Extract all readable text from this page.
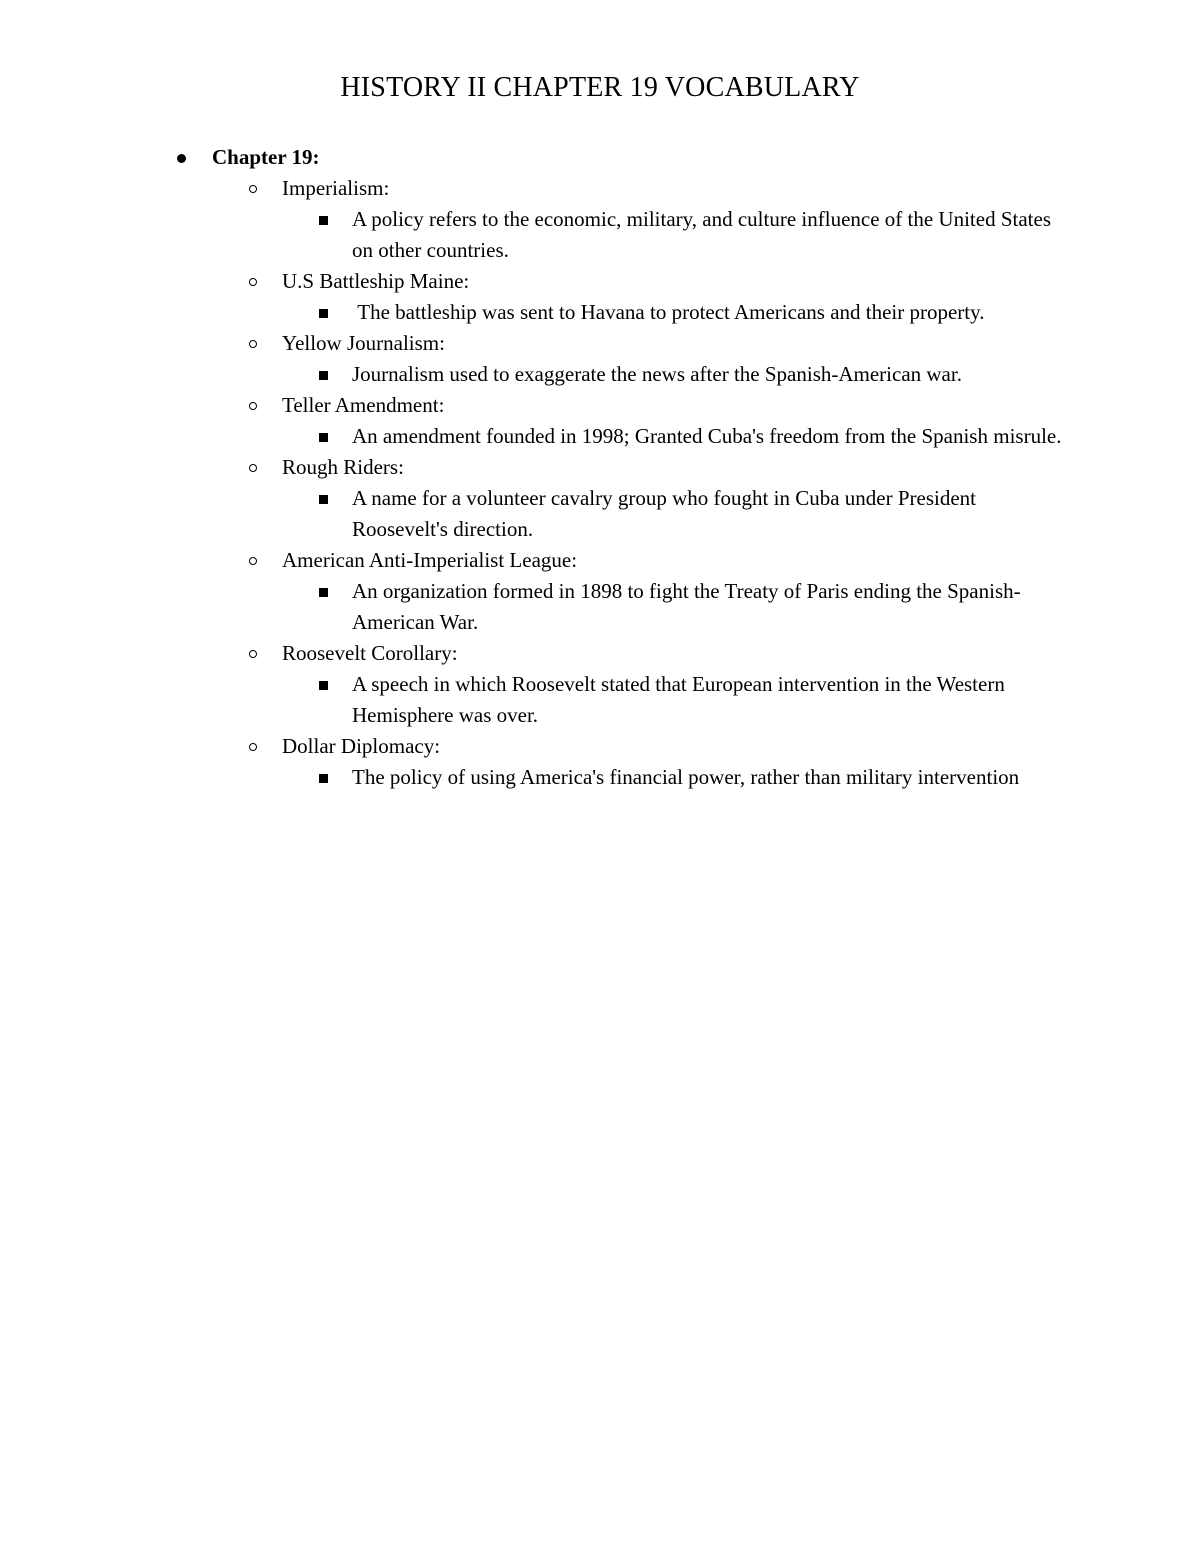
HISTORY II CHAPTER 19 VOCABULARY
Chapter 19:
Imperialism:
A policy refers to the economic, military, and culture influence of the United States on other countries.
U.S Battleship Maine:
The battleship was sent to Havana to protect Americans and their property.
Yellow Journalism:
Journalism used to exaggerate the news after the Spanish-American war.
Teller Amendment:
An amendment founded in 1998; Granted Cuba's freedom from the Spanish misrule.
Rough Riders:
A name for a volunteer cavalry group who fought in Cuba under President Roosevelt's direction.
American Anti-Imperialist League:
An organization formed in 1898 to fight the Treaty of Paris ending the Spanish-American War.
Roosevelt Corollary:
A speech in which Roosevelt stated that European intervention in the Western Hemisphere was over.
Dollar Diplomacy:
The policy of using America's financial power, rather than military intervention
